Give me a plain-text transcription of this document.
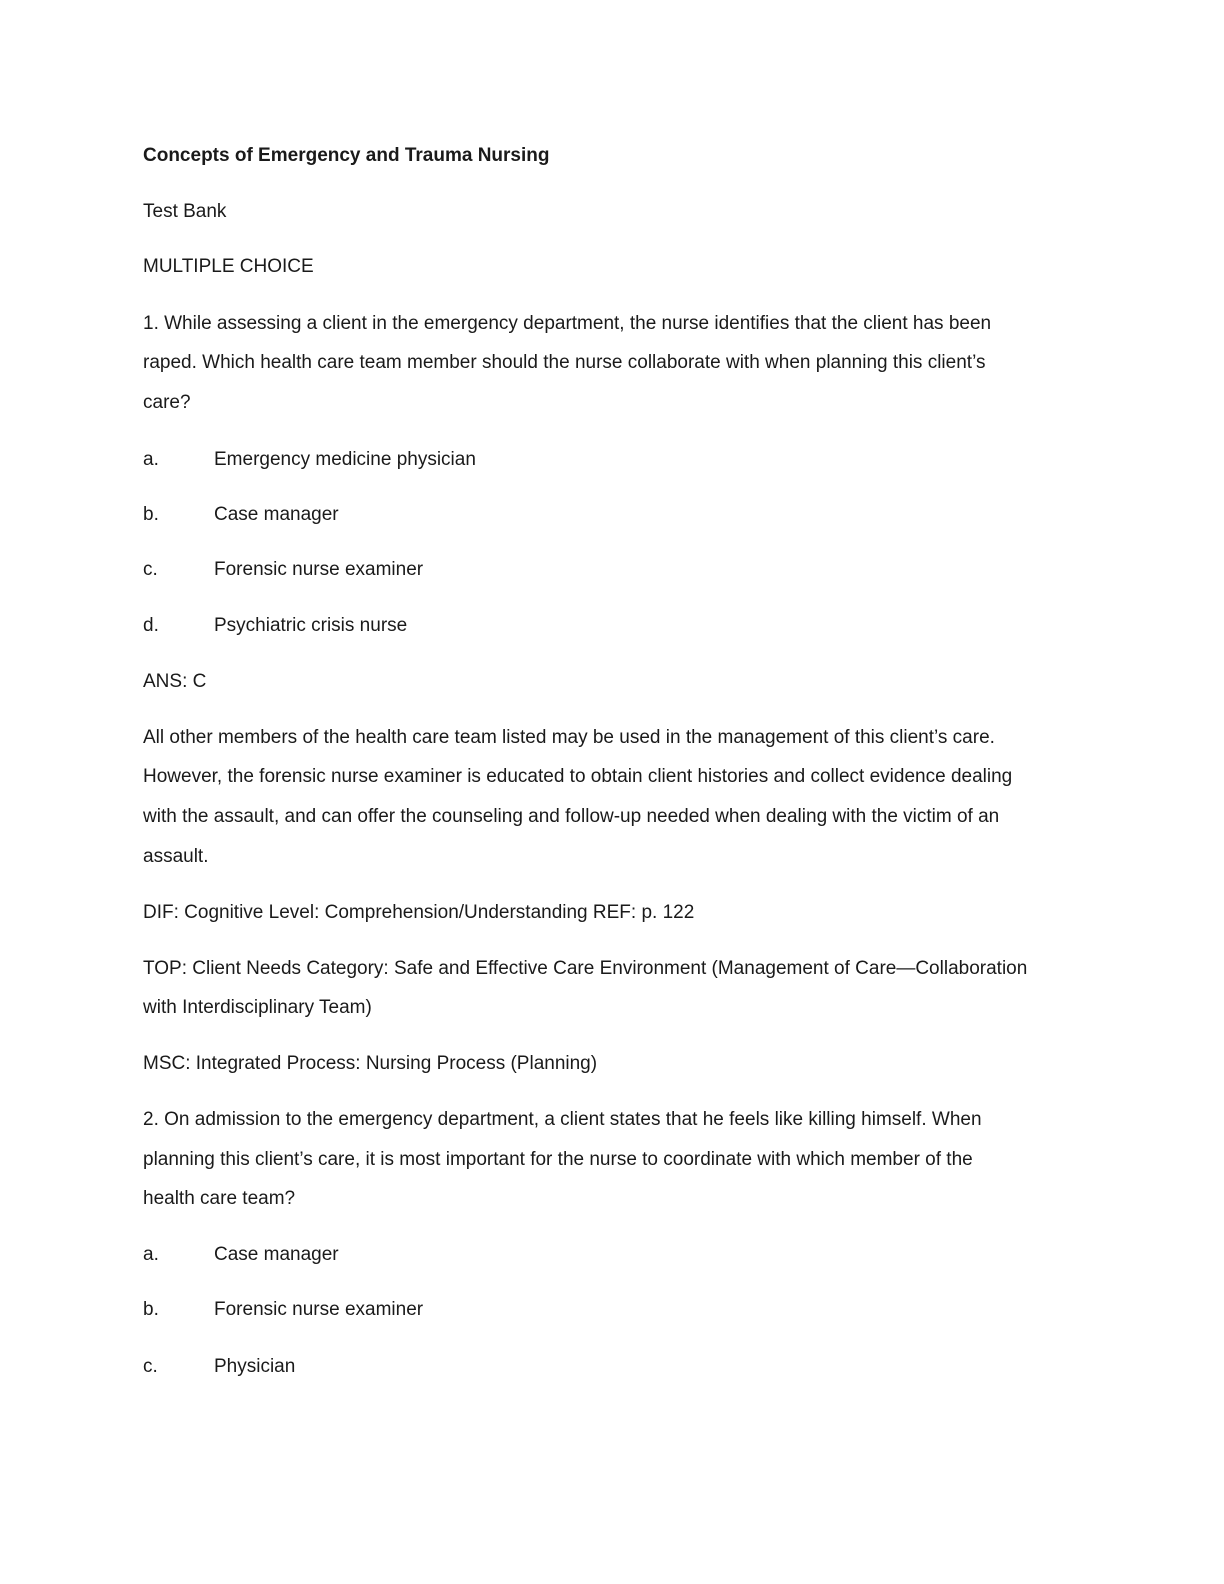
Concepts of Emergency and Trauma Nursing
Test Bank
MULTIPLE CHOICE
1. While assessing a client in the emergency department, the nurse identifies that the client has been
raped. Which health care team member should the nurse collaborate with when planning this client’s
care?
a.	Emergency medicine physician
b.	Case manager
c.	Forensic nurse examiner
d.	Psychiatric crisis nurse
ANS: C
All other members of the health care team listed may be used in the management of this client’s care.
However, the forensic nurse examiner is educated to obtain client histories and collect evidence dealing
with the assault, and can offer the counseling and follow-up needed when dealing with the victim of an
assault.
DIF: Cognitive Level: Comprehension/Understanding REF: p. 122
TOP: Client Needs Category: Safe and Effective Care Environment (Management of Care—Collaboration
with Interdisciplinary Team)
MSC: Integrated Process: Nursing Process (Planning)
2. On admission to the emergency department, a client states that he feels like killing himself. When
planning this client’s care, it is most important for the nurse to coordinate with which member of the
health care team?
a.	Case manager
b.	Forensic nurse examiner
c.	Physician
